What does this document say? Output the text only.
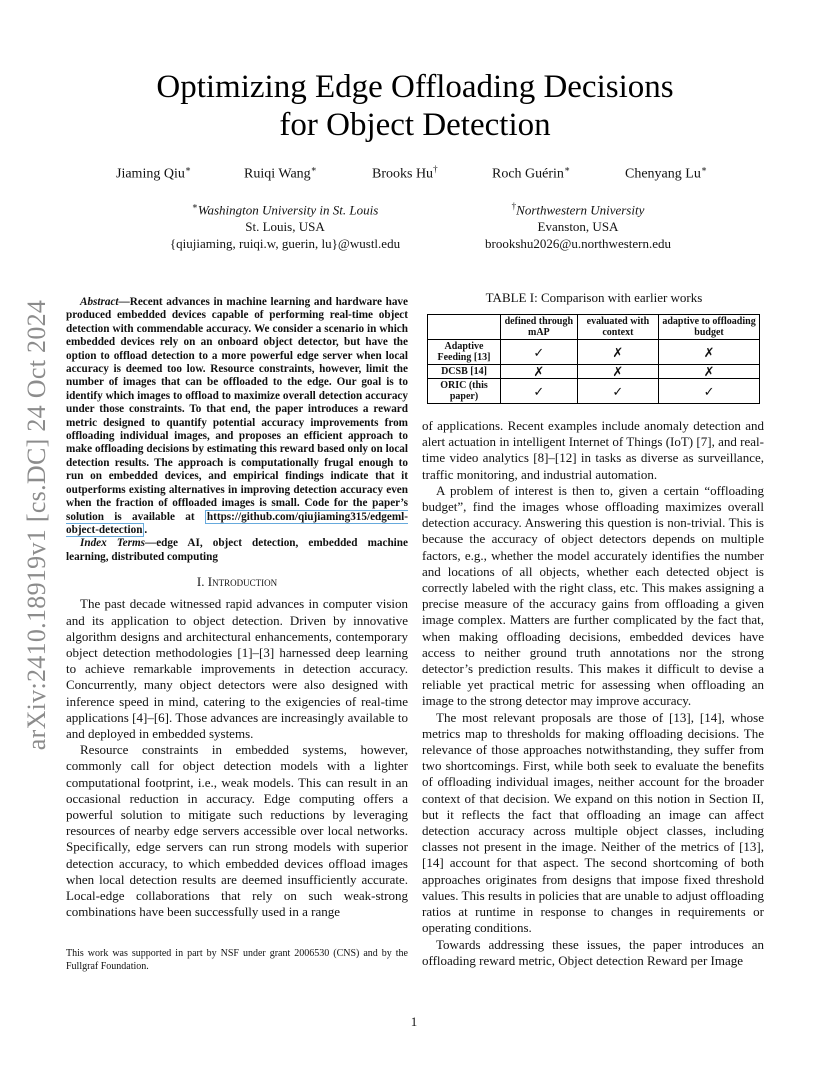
arXiv:2410.18919v1 [cs.DC] 24 Oct 2024
Optimizing Edge Offloading Decisions
for Object Detection
Jiaming Qiu∗	Ruiqi Wang∗	Brooks Hu†	Roch Guérin∗	Chenyang Lu∗
∗Washington University in St. Louis
St. Louis, USA
{qiujiaming, ruiqi.w, guerin, lu}@wustl.edu
†Northwestern University
Evanston, USA
brookshu2026@u.northwestern.edu

Abstract—Recent advances in machine learning and hardware have produced embedded devices capable of performing real-time object detection with commendable accuracy. We consider a scenario in which embedded devices rely on an onboard object detector, but have the option to offload detection to a more powerful edge server when local accuracy is deemed too low. Resource constraints, however, limit the number of images that can be offloaded to the edge. Our goal is to identify which images to offload to maximize overall detection accuracy under those constraints. To that end, the paper introduces a reward metric designed to quantify potential accuracy improvements from offloading individual images, and proposes an efficient approach to make offloading decisions by estimating this reward based only on local detection results. The approach is computationally frugal enough to run on embedded devices, and empirical findings indicate that it outperforms existing alternatives in improving detection accuracy even when the fraction of offloaded images is small. Code for the paper’s solution is available at https://github.com/qiujiaming315/edgeml-object-detection .

Index Terms—edge AI, object detection, embedded machine learning, distributed computing

I. Introduction

The past decade witnessed rapid advances in computer vision and its application to object detection. Driven by innovative algorithm designs and architectural enhancements, contemporary object detection methodologies [1]–[3] harnessed deep learning to achieve remarkable improvements in detection accuracy. Concurrently, many object detectors were also designed with inference speed in mind, catering to the exigencies of real-time applications [4]–[6]. Those advances are increasingly available to and deployed in embedded systems.

Resource constraints in embedded systems, however, commonly call for object detection models with a lighter computational footprint, i.e., weak models. This can result in an occasional reduction in accuracy. Edge computing offers a powerful solution to mitigate such reductions by leveraging resources of nearby edge servers accessible over local networks. Specifically, edge servers can run strong models with superior detection accuracy, to which embedded devices offload images when local detection results are deemed insufficiently accurate. Local-edge collaborations that rely on such weak-strong combinations have been successfully used in a range

This work was supported in part by NSF under grant 2006530 (CNS) and by the Fullgraf Foundation.
TABLE I: Comparison with earlier works
	defined through mAP	evaluated with context	adaptive to offloading budget
Adaptive Feeding [13]	✓	✗	✗
DCSB [14]	✗	✗	✗
ORIC (this paper)	✓	✓	✓

of applications. Recent examples include anomaly detection and alert actuation in intelligent Internet of Things (IoT) [7], and real-time video analytics [8]–[12] in tasks as diverse as surveillance, traffic monitoring, and industrial automation.

A problem of interest is then to, given a certain “offloading budget”, find the images whose offloading maximizes overall detection accuracy. Answering this question is non-trivial. This is because the accuracy of object detectors depends on multiple factors, e.g., whether the model accurately identifies the number and locations of all objects, whether each detected object is correctly labeled with the right class, etc. This makes assigning a precise measure of the accuracy gains from offloading a given image complex. Matters are further complicated by the fact that, when making offloading decisions, embedded devices have access to neither ground truth annotations nor the strong detector’s prediction results. This makes it difficult to devise a reliable yet practical metric for assessing when offloading an image to the strong detector may improve accuracy.

The most relevant proposals are those of [13], [14], whose metrics map to thresholds for making offloading decisions. The relevance of those approaches notwithstanding, they suffer from two shortcomings. First, while both seek to evaluate the benefits of offloading individual images, neither account for the broader context of that decision. We expand on this notion in Section II, but it reflects the fact that offloading an image can affect detection accuracy across multiple object classes, including classes not present in the image. Neither of the metrics of [13], [14] account for that aspect. The second shortcoming of both approaches originates from designs that impose fixed threshold values. This results in policies that are unable to adjust offloading ratios at runtime in response to changes in requirements or operating conditions.

Towards addressing these issues, the paper introduces an offloading reward metric, Object detection Reward per Image

1
